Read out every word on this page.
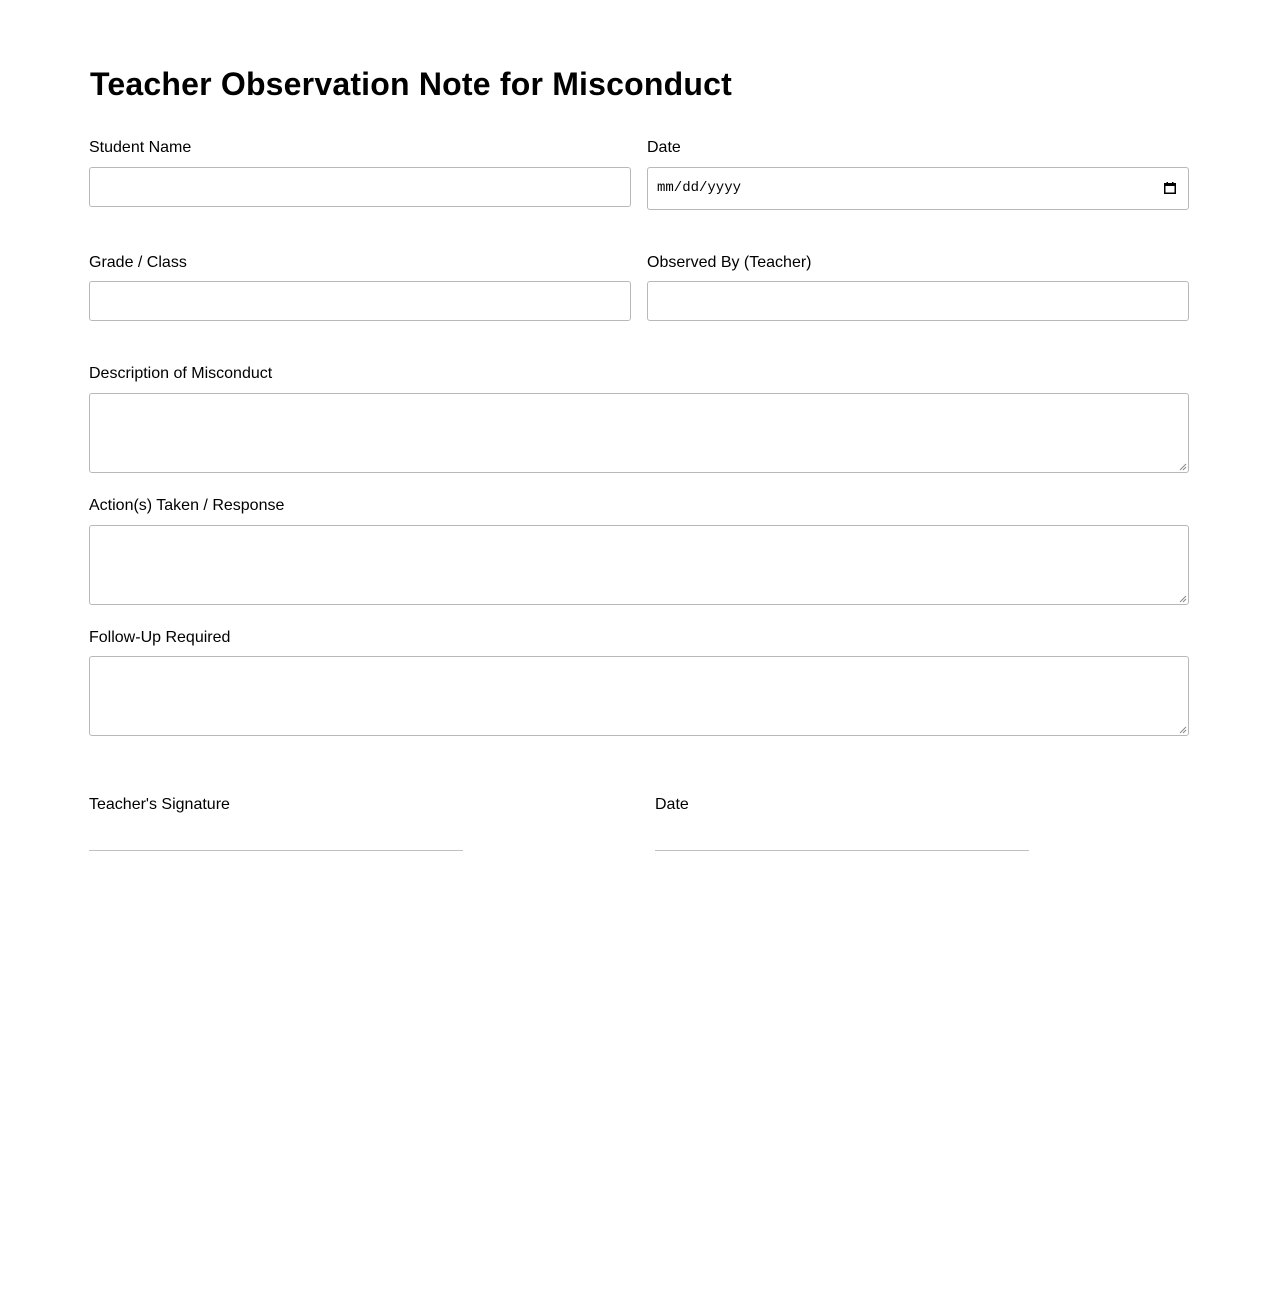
Teacher Observation Note for Misconduct
Student Name	Date
mm/dd/yyyy
Grade / Class	Observed By (Teacher)
Description of Misconduct
Action(s) Taken / Response
Follow-Up Required
Teacher's Signature	Date
